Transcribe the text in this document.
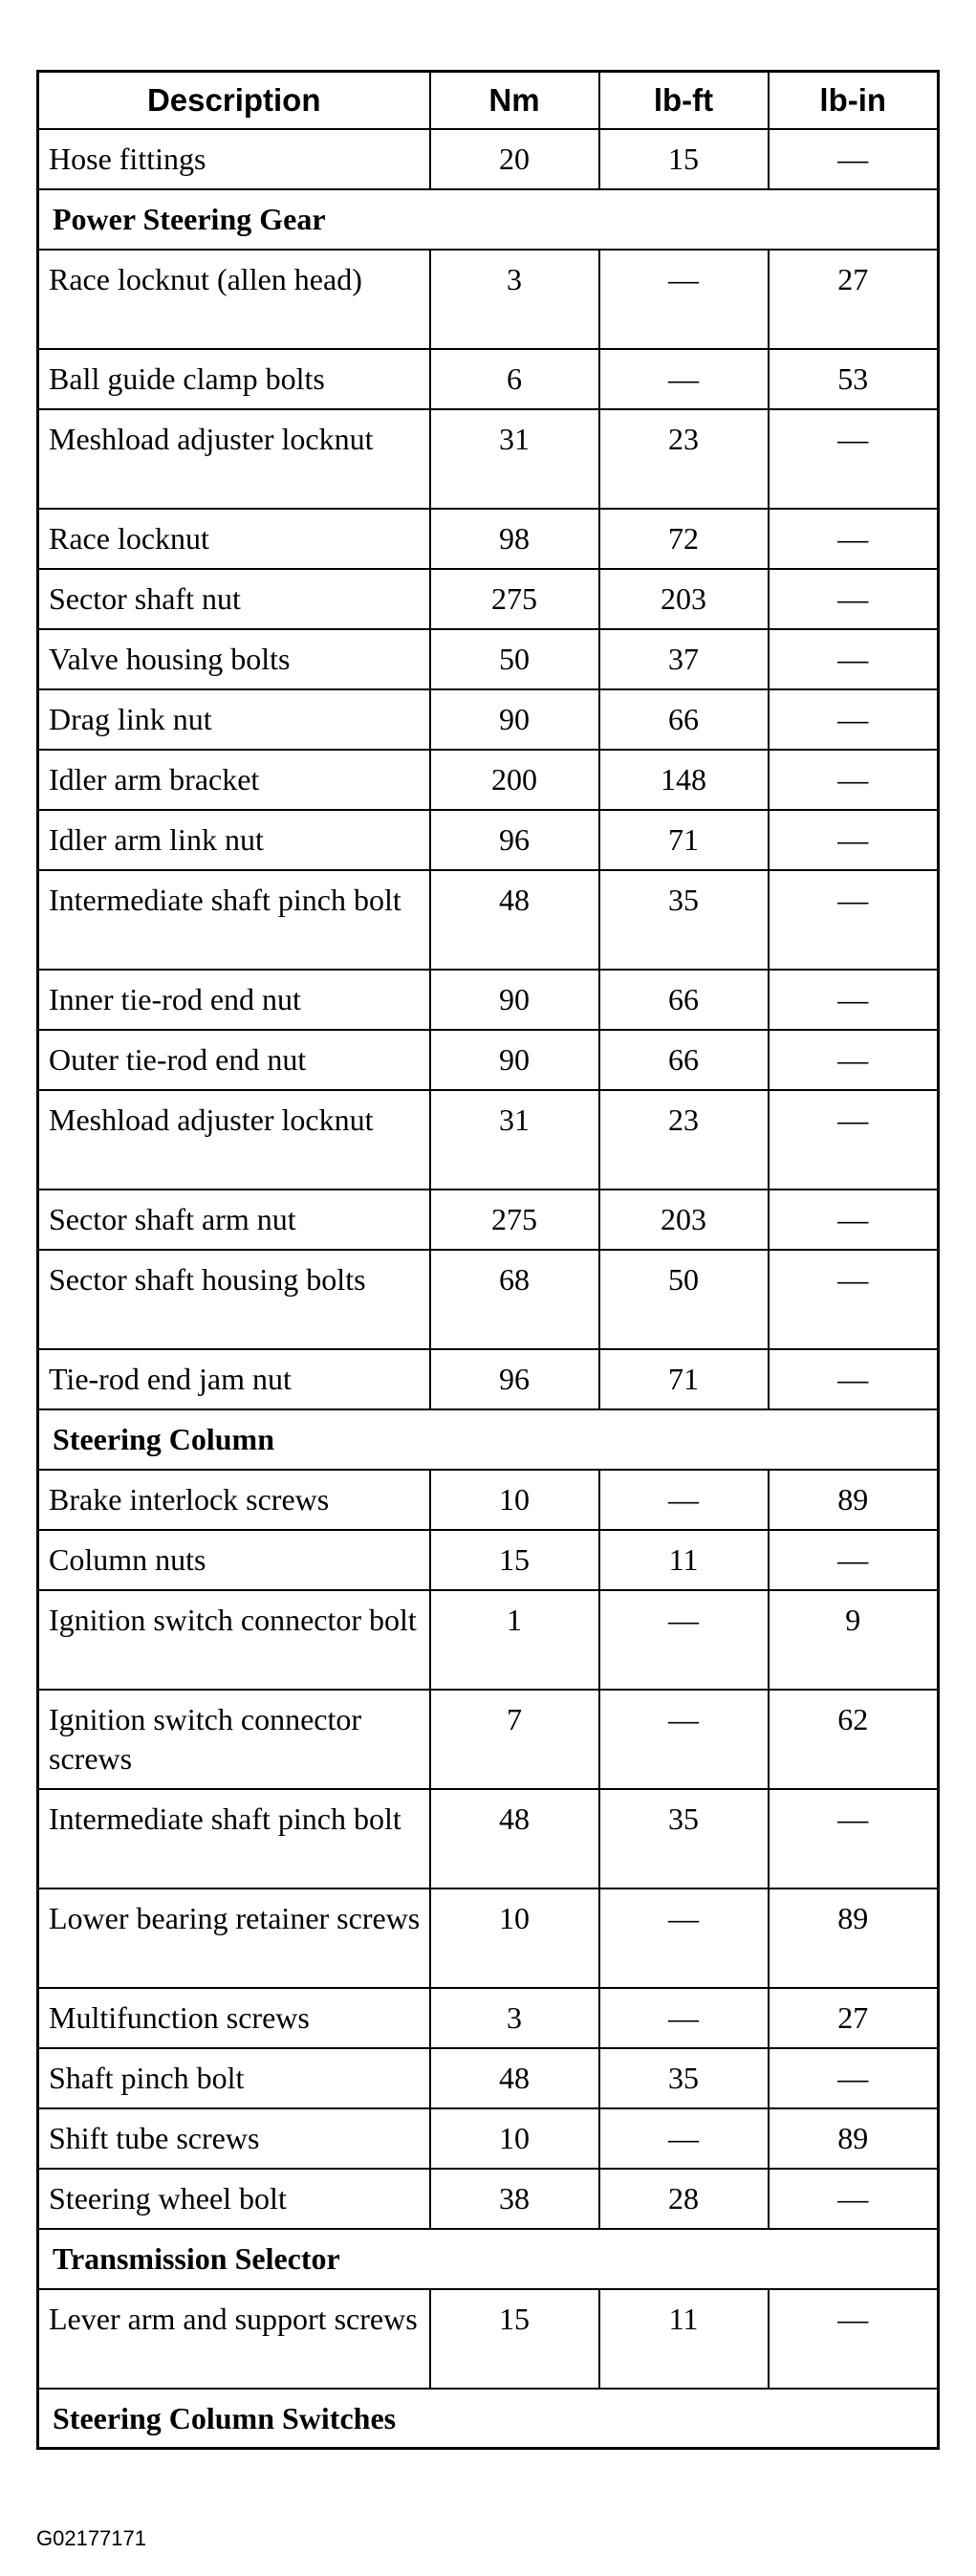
Description	Nm	lb-ft	lb-in
Hose fittings	20	15	—
Power Steering Gear			
Race locknut (allen head)	3	—	27
Ball guide clamp bolts	6	—	53
Meshload adjuster locknut	31	23	—
Race locknut	98	72	—
Sector shaft nut	275	203	—
Valve housing bolts	50	37	—
Drag link nut	90	66	—
Idler arm bracket	200	148	—
Idler arm link nut	96	71	—
Intermediate shaft pinch bolt	48	35	—
Inner tie-rod end nut	90	66	—
Outer tie-rod end nut	90	66	—
Meshload adjuster locknut	31	23	—
Sector shaft arm nut	275	203	—
Sector shaft housing bolts	68	50	—
Tie-rod end jam nut	96	71	—
Steering Column			
Brake interlock screws	10	—	89
Column nuts	15	11	—
Ignition switch connector bolt	1	—	9
Ignition switch connector screws	7	—	62
Intermediate shaft pinch bolt	48	35	—
Lower bearing retainer screws	10	—	89
Multifunction screws	3	—	27
Shaft pinch bolt	48	35	—
Shift tube screws	10	—	89
Steering wheel bolt	38	28	—
Transmission Selector			
Lever arm and support screws	15	11	—
Steering Column Switches			
G02177171
